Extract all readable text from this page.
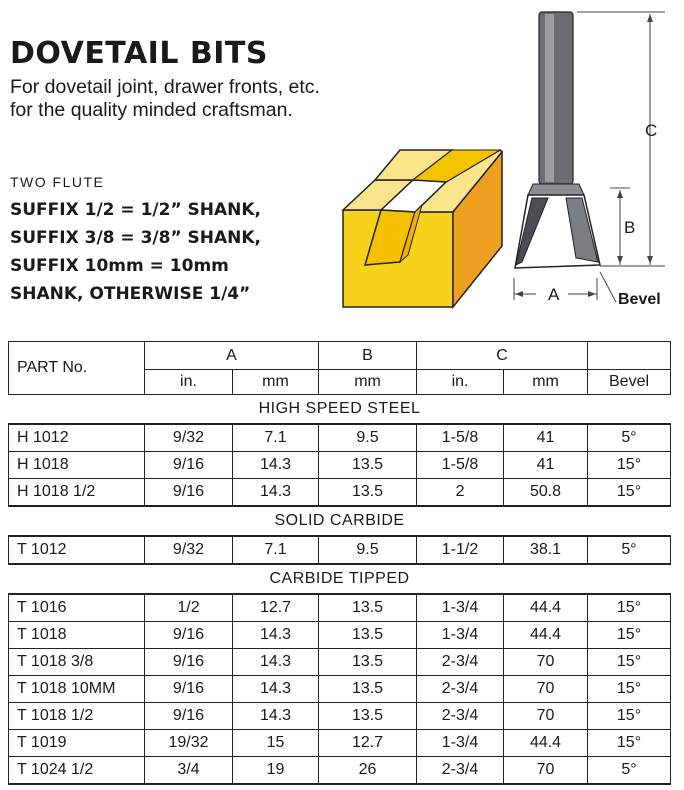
DOVETAIL BITS

For dovetail joint, drawer fronts, etc. for the quality minded craftsman.

TWO FLUTE
SUFFIX 1/2 = 1/2” SHANK,
SUFFIX 3/8 = 3/8” SHANK,
SUFFIX 10mm = 10mm
SHANK, OTHERWISE 1/4”
C
B
A	Bevel
PART No.	A		B	C		
	in.	mm	mm	in.	mm	Bevel
HIGH SPEED STEEL						
H 1012	9/32	7.1	9.5	1-5/8	41	5°
H 1018	9/16	14.3	13.5	1-5/8	41	15°
H 1018 1/2	9/16	14.3	13.5	2	50.8	15°
SOLID CARBIDE						
T 1012	9/32	7.1	9.5	1-1/2	38.1	5°
CARBIDE TIPPED						
T 1016	1/2	12.7	13.5	1-3/4	44.4	15°
T 1018	9/16	14.3	13.5	1-3/4	44.4	15°
T 1018 3/8	9/16	14.3	13.5	2-3/4	70	15°
T 1018 10MM	9/16	14.3	13.5	2-3/4	70	15°
T 1018 1/2	9/16	14.3	13.5	2-3/4	70	15°
T 1019	19/32	15	12.7	1-3/4	44.4	15°
T 1024 1/2	3/4	19	26	2-3/4	70	5°
